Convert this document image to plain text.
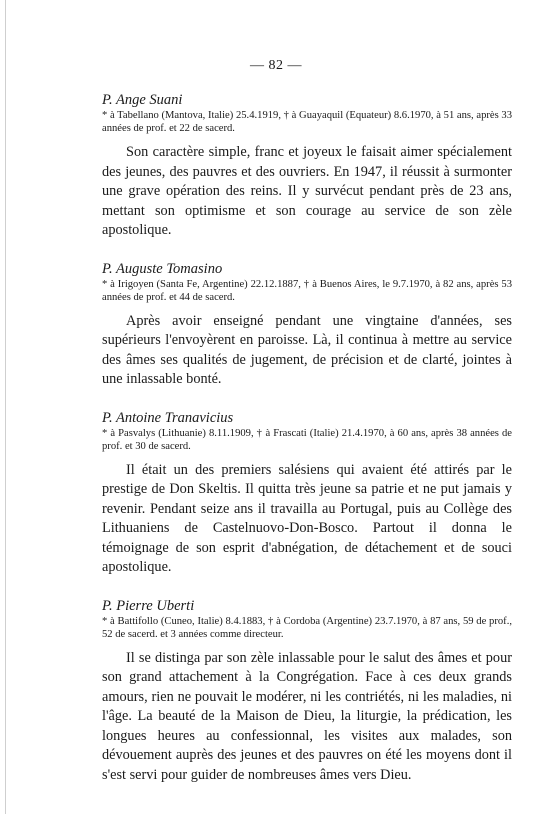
— 82 —

P. Ange Suani

* à Tabellano (Mantova, Italie) 25.4.1919, † à Guayaquil (Equateur) 8.6.1970, à 51 ans, après 33 années de prof. et 22 de sacerd.

Son caractère simple, franc et joyeux le faisait aimer spécialement des jeunes, des pauvres et des ouvriers. En 1947, il réussit à surmonter une grave opération des reins. Il y survécut pendant près de 23 ans, mettant son optimisme et son courage au service de son zèle apostolique.

P. Auguste Tomasino

* à Irigoyen (Santa Fe, Argentine) 22.12.1887, † à Buenos Aires, le 9.7.1970, à 82 ans, après 53 années de prof. et 44 de sacerd.

Après avoir enseigné pendant une vingtaine d'années, ses supérieurs l'envoyèrent en paroisse. Là, il continua à mettre au service des âmes ses qualités de jugement, de précision et de clarté, jointes à une inlassable bonté.

P. Antoine Tranavicius

* à Pasvalys (Lithuanie) 8.11.1909, † à Frascati (Italie) 21.4.1970, à 60 ans, après 38 années de prof. et 30 de sacerd.

Il était un des premiers salésiens qui avaient été attirés par le prestige de Don Skeltis. Il quitta très jeune sa patrie et ne put jamais y revenir. Pendant seize ans il travailla au Portugal, puis au Collège des Lithuaniens de Castelnuovo-Don-Bosco. Partout il donna le témoignage de son esprit d'abnégation, de détachement et de souci apostolique.

P. Pierre Uberti

* à Battifollo (Cuneo, Italie) 8.4.1883, † à Cordoba (Argentine) 23.7.1970, à 87 ans, 59 de prof., 52 de sacerd. et 3 années comme directeur.

Il se distinga par son zèle inlassable pour le salut des âmes et pour son grand attachement à la Congrégation. Face à ces deux grands amours, rien ne pouvait le modérer, ni les contriétés, ni les maladies, ni l'âge. La beauté de la Maison de Dieu, la liturgie, la prédication, les longues heures au confessionnal, les visites aux malades, son dévouement auprès des jeunes et des pauvres on été les moyens dont il s'est servi pour guider de nombreuses âmes vers Dieu.
